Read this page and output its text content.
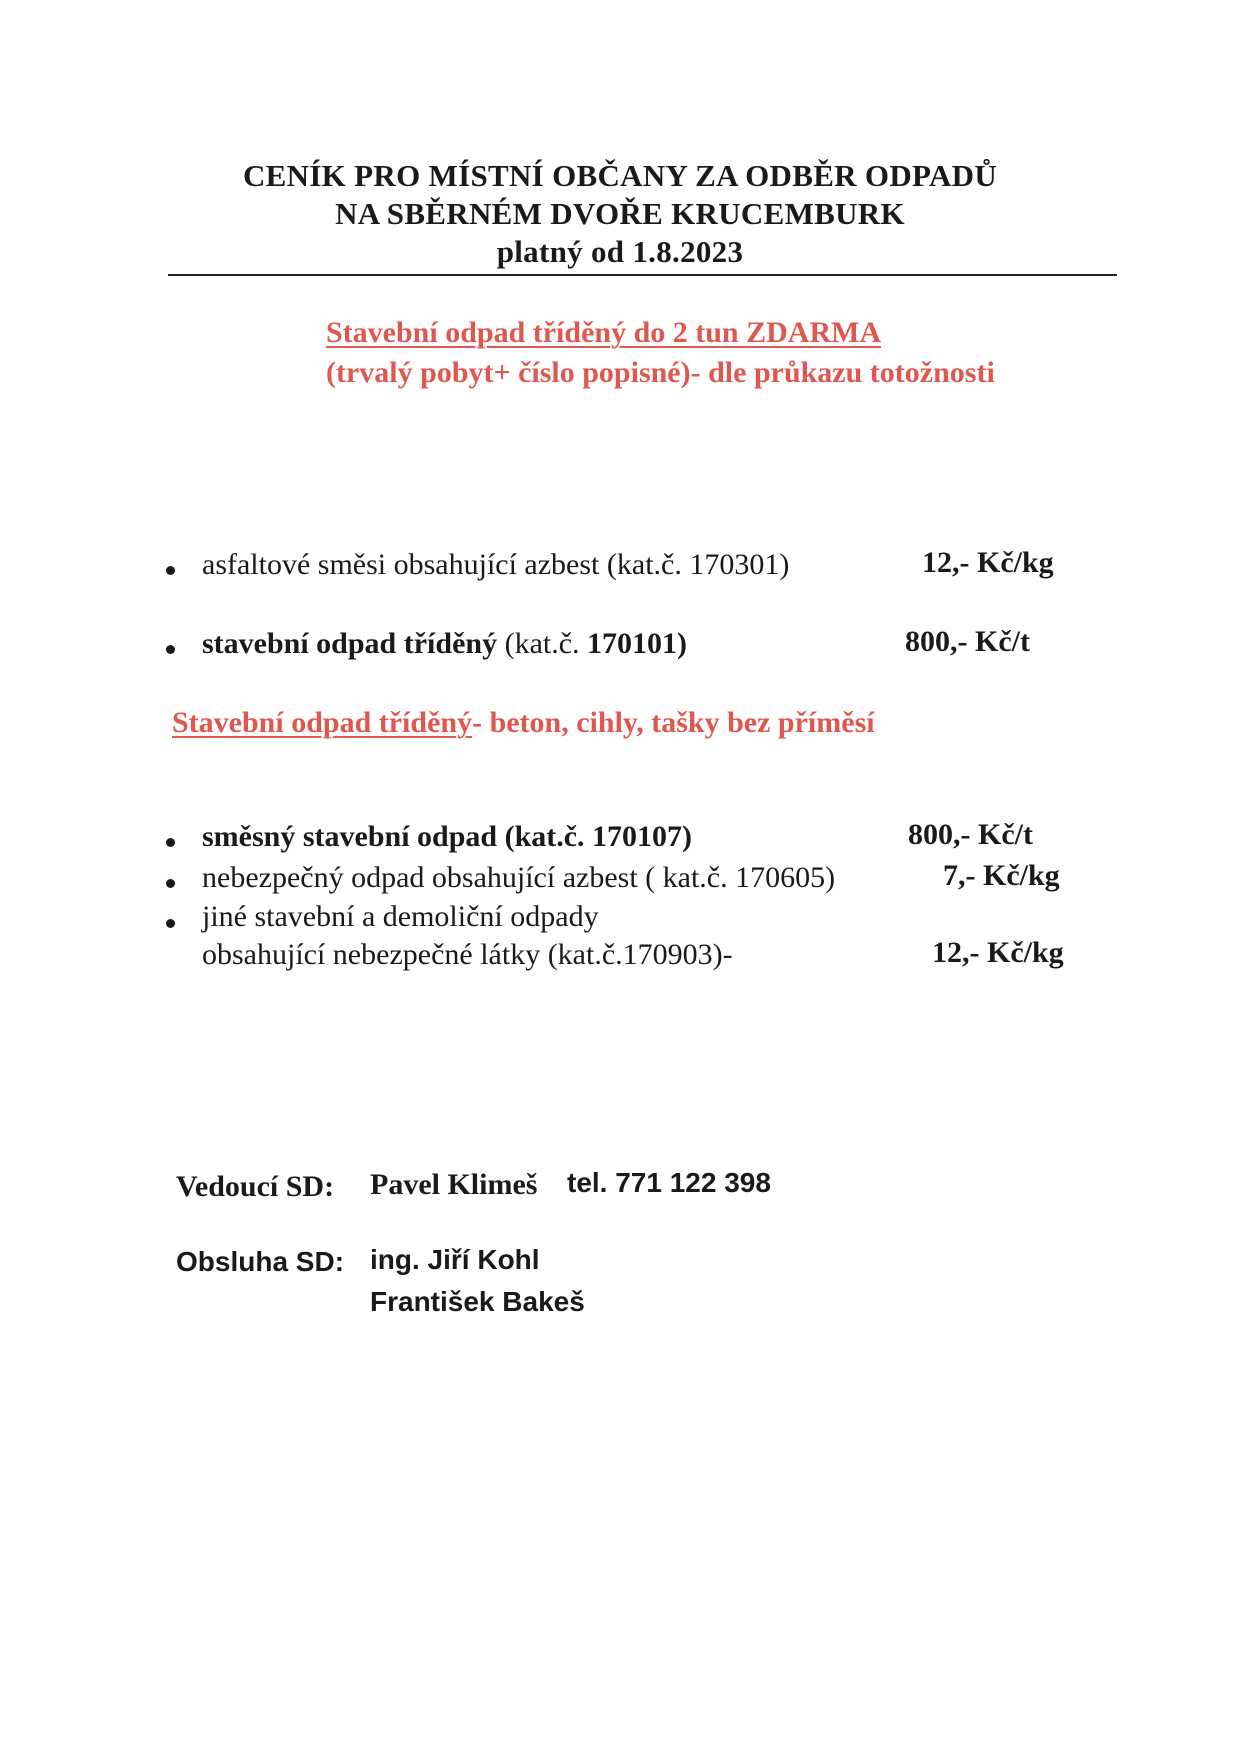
CENÍK PRO MÍSTNÍ OBČANY ZA ODBĚR ODPADŮ
NA SBĚRNÉM DVOŘE KRUCEMBURK
platný od 1.8.2023
Stavební odpad tříděný do 2 tun ZDARMA
(trvalý pobyt+ číslo popisné)- dle průkazu totožnosti
asfaltové směsi obsahující azbest (kat.č. 170301)	12,- Kč/kg
stavební odpad tříděný (kat.č. 170101)	800,- Kč/t
Stavební odpad tříděný- beton, cihly, tašky bez příměsí
směsný stavební odpad (kat.č. 170107)	800,- Kč/t
nebezpečný odpad obsahující azbest ( kat.č. 170605)	7,- Kč/kg
jiné stavební a demoliční odpady
obsahující nebezpečné látky (kat.č.170903)-	12,- Kč/kg
Vedoucí SD: Pavel Klimeš tel. 771 122 398
Obsluha SD: ing. Jiří Kohl
František Bakeš
